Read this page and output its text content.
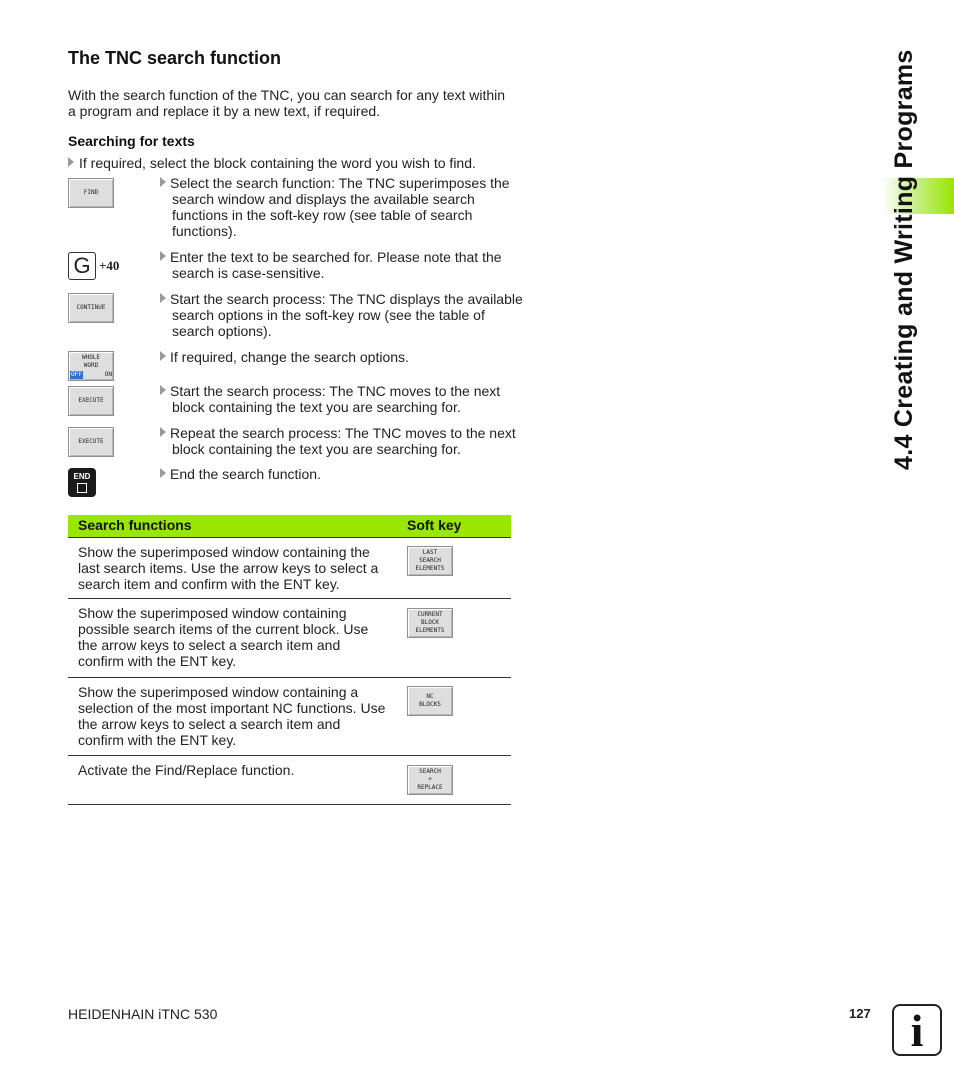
The TNC search function

With the search function of the TNC, you can search for any text within a program and replace it by a new text, if required.

Searching for texts
If required, select the block containing the word you wish to find.
FIND
Select the search function: The TNC superimposes the search window and displays the available search functions in the soft-key row (see table of search functions).
G +40
Enter the text to be searched for. Please note that the search is case-sensitive.
CONTINUE
Start the search process: The TNC displays the available search options in the soft-key row (see the table of search options).
WHOLE
WORD
OFF	ON
If required, change the search options.
EXECUTE
Start the search process: The TNC moves to the next block containing the text you are searching for.
EXECUTE
Repeat the search process: The TNC moves to the next block containing the text you are searching for.
END	End the search function.
Search functions	Soft key
Show the superimposed window containing the last search items. Use the arrow keys to select a search item and confirm with the ENT key.
LAST
SEARCH
ELEMENTS
Show the superimposed window containing possible search items of the current block. Use the arrow keys to select a search item and confirm with the ENT key.
CURRENT
BLOCK
ELEMENTS
Show the superimposed window containing a selection of the most important NC functions. Use the arrow keys to select a search item and confirm with the ENT key.
NC
BLOCKS
Activate the Find/Replace function.	SEARCH
+
REPLACE
4.4 Creating and Writing Programs
HEIDENHAIN iTNC 530	127 i
